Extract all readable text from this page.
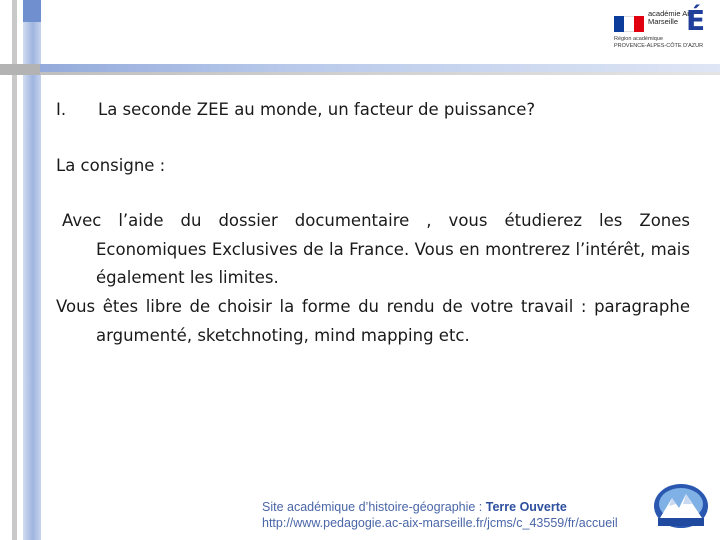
académie Aix-Marseille É
Région académique
PROVENCE-ALPES-CÔTE D'AZUR
I. La seconde ZEE au monde, un facteur de puissance?
La consigne :
Avec l’aide du dossier documentaire , vous étudierez les Zones Economiques Exclusives de la France. Vous en montrerez l’intérêt, mais également les limites.
Vous êtes libre de choisir la forme du rendu de votre travail : paragraphe argumenté, sketchnoting, mind mapping etc.
Site académique d’histoire-géographie : Terre Ouverte
http://www.pedagogie.ac-aix-marseille.fr/jcms/c_43559/fr/accueil
